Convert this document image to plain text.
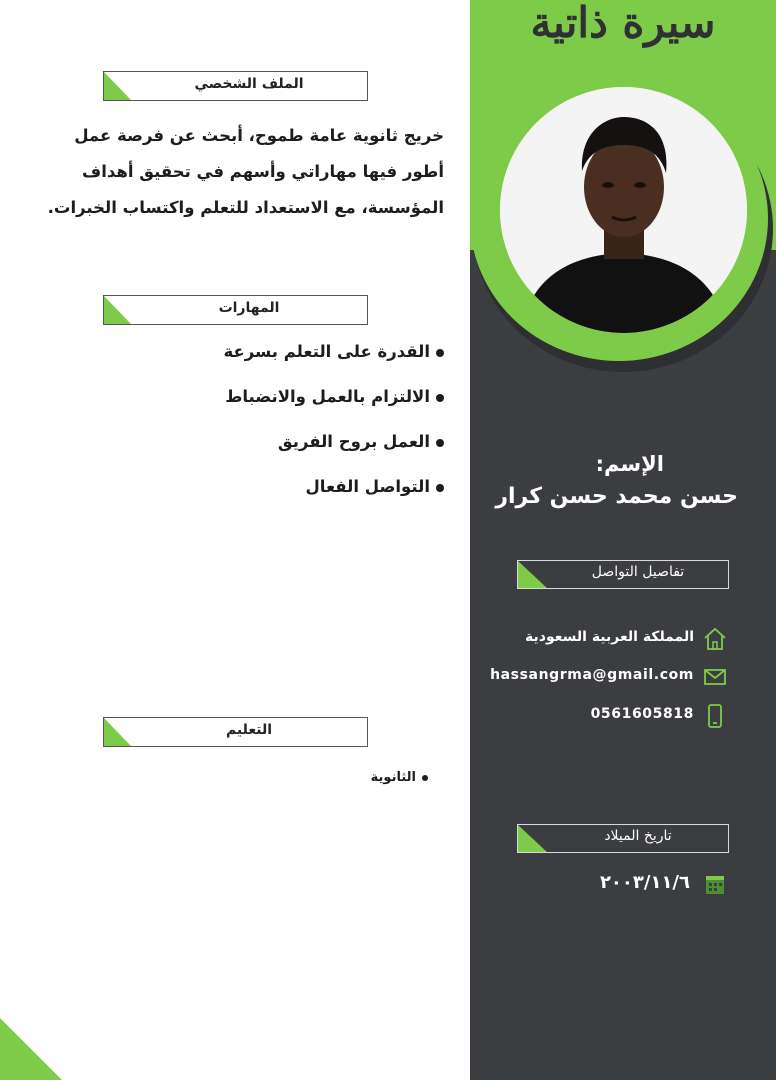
سيرة ذاتية
الإسم:
حسن محمد حسن كرار
تفاصيل التواصل
المملكة العربية السعودية
hassangrma@gmail.com
0561605818
تاريخ الميلاد
٢٠٠٣/١١/٦
الملف الشخصي
خريج ثانوية عامة طموح، أبحث عن فرصة عمل أطور فيها مهاراتي وأسهم في تحقيق أهداف المؤسسة، مع الاستعداد للتعلم واكتساب الخبرات.
المهارات
القدرة على التعلم بسرعة
الالتزام بالعمل والانضباط
العمل بروح الفريق
التواصل الفعال
التعليم
الثانوية
